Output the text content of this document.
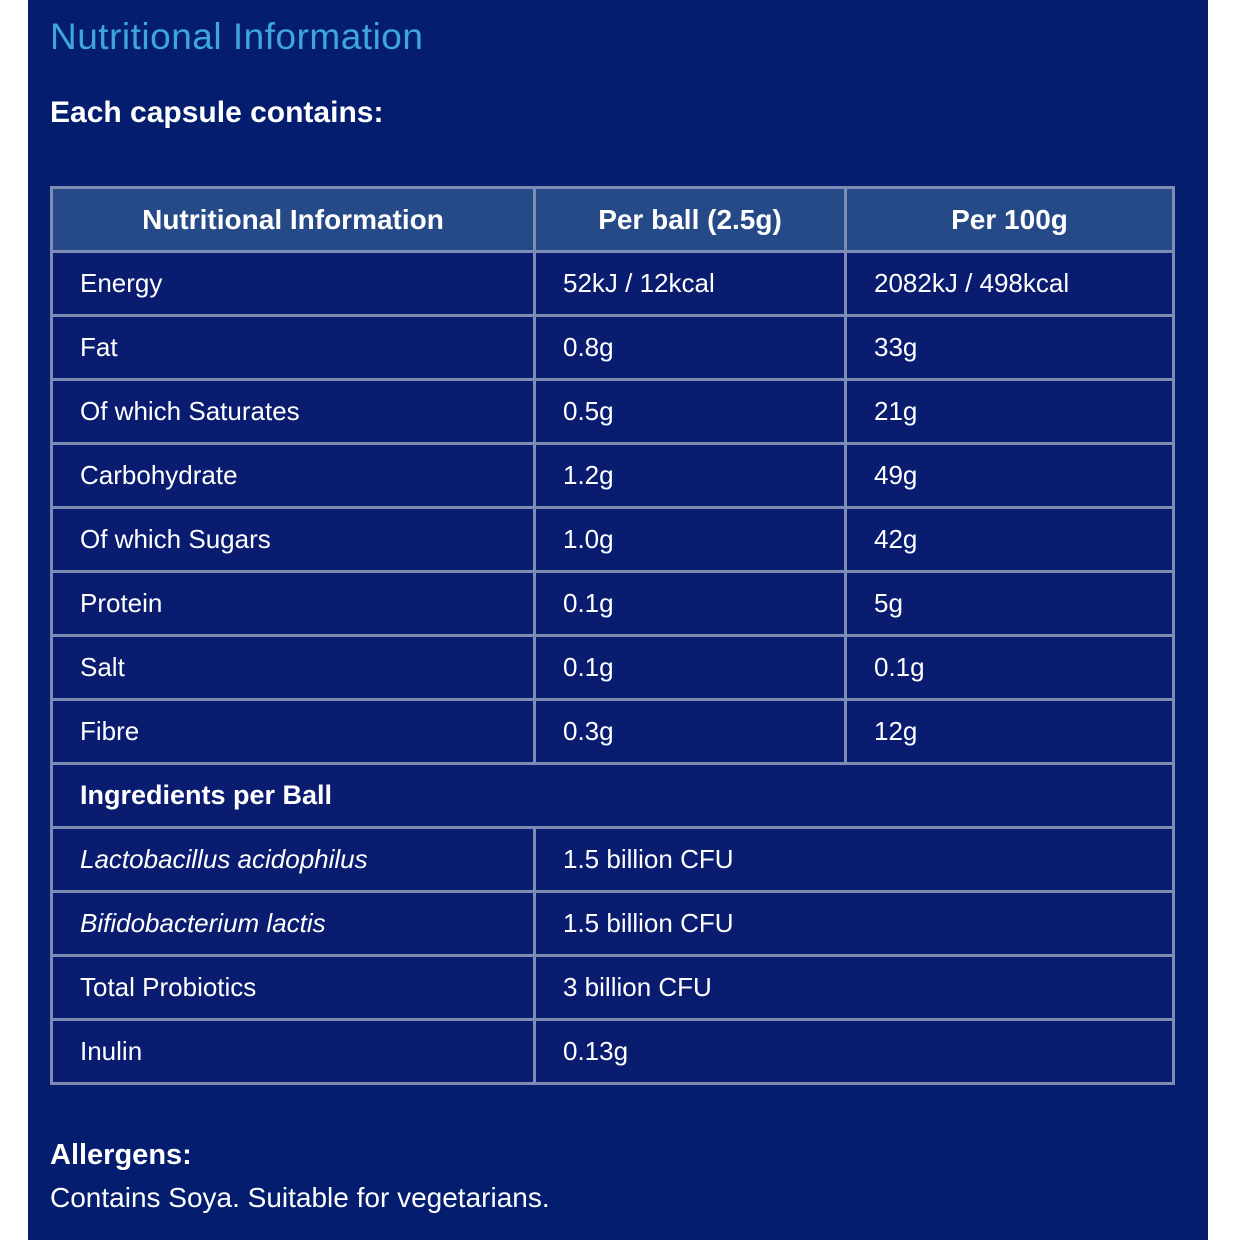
Nutritional Information
Each capsule contains:
Nutritional Information	Per ball (2.5g)	Per 100g
Energy	52kJ / 12kcal	2082kJ / 498kcal
Fat	0.8g	33g
Of which Saturates	0.5g	21g
Carbohydrate	1.2g	49g
Of which Sugars	1.0g	42g
Protein	0.1g	5g
Salt	0.1g	0.1g
Fibre	0.3g	12g
Ingredients per Ball		
Lactobacillus acidophilus	1.5 billion CFU	
Bifidobacterium lactis	1.5 billion CFU	
Total Probiotics	3 billion CFU	
Inulin	0.13g	
Allergens:
Contains Soya. Suitable for vegetarians.
